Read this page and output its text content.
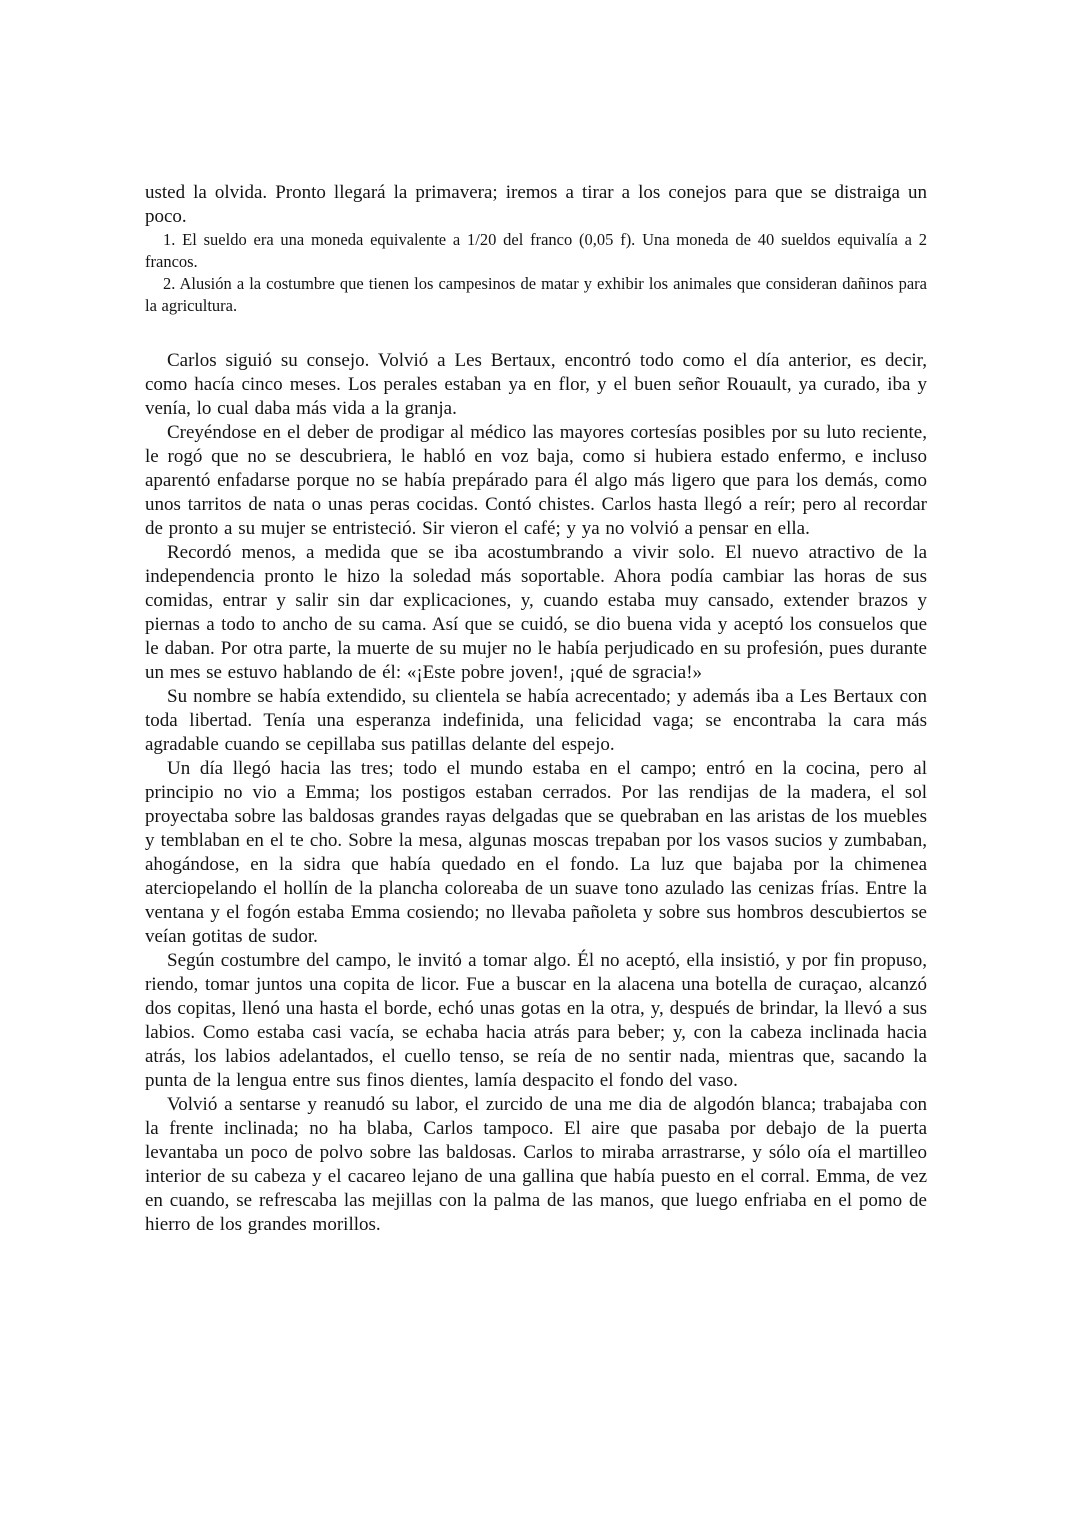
usted la olvida. Pronto llegará la primavera; iremos a tirar a los conejos para que se distraiga un poco.

1. El sueldo era una moneda equivalente a 1/20 del franco (0,05 f). Una moneda de 40 sueldos equivalía a 2 francos.

2. Alusión a la costumbre que tienen los campesinos de matar y exhibir los animales que consideran dañinos para la agricultura.

Carlos siguió su consejo. Volvió a Les Bertaux, encontró todo como el día anterior, es decir, como hacía cinco meses. Los perales estaban ya en flor, y el buen señor Rouault, ya curado, iba y venía, lo cual daba más vida a la granja.

Creyéndose en el deber de prodigar al médico las mayores cortesías posibles por su luto reciente, le rogó que no se descubriera, le habló en voz baja, como si hubiera estado enfermo, e incluso aparentó enfadarse porque no se había prepárado para él algo más ligero que para los demás, como unos tarritos de nata o unas peras cocidas. Contó chistes. Carlos hasta llegó a reír; pero al recordar de pronto a su mujer se entristeció. Sir vieron el café; y ya no volvió a pensar en ella.

Recordó menos, a medida que se iba acostumbrando a vivir solo. El nuevo atractivo de la independencia pronto le hizo la soledad más soportable. Ahora podía cambiar las horas de sus comidas, entrar y salir sin dar explicaciones, y, cuando estaba muy cansado, extender brazos y piernas a todo to ancho de su cama. Así que se cuidó, se dio buena vida y aceptó los consuelos que le daban. Por otra parte, la muerte de su mujer no le había perjudicado en su profesión, pues durante un mes se estuvo hablando de él: «¡Este pobre joven!, ¡qué de sgracia!»

Su nombre se había extendido, su clientela se había acrecentado; y además iba a Les Bertaux con toda libertad. Tenía una esperanza indefinida, una felicidad vaga; se encontraba la cara más agradable cuando se cepillaba sus patillas delante del espejo.

Un día llegó hacia las tres; todo el mundo estaba en el campo; entró en la cocina, pero al principio no vio a Emma; los postigos estaban cerrados. Por las rendijas de la madera, el sol proyectaba sobre las baldosas grandes rayas delgadas que se quebraban en las aristas de los muebles y temblaban en el te cho. Sobre la mesa, algunas moscas trepaban por los vasos sucios y zumbaban, ahogándose, en la sidra que había quedado en el fondo. La luz que bajaba por la chimenea aterciopelando el hollín de la plancha coloreaba de un suave tono azulado las cenizas frías. Entre la ventana y el fogón estaba Emma cosiendo; no llevaba pañoleta y sobre sus hombros descubiertos se veían gotitas de sudor.

Según costumbre del campo, le invitó a tomar algo. Él no aceptó, ella insistió, y por fin propuso, riendo, tomar juntos una copita de licor. Fue a buscar en la alacena una botella de curaçao, alcanzó dos copitas, llenó una hasta el borde, echó unas gotas en la otra, y, después de brindar, la llevó a sus labios. Como estaba casi vacía, se echaba hacia atrás para beber; y, con la cabeza inclinada hacia atrás, los labios adelantados, el cuello tenso, se reía de no sentir nada, mientras que, sacando la punta de la lengua entre sus finos dientes, lamía despacito el fondo del vaso.

Volvió a sentarse y reanudó su labor, el zurcido de una me dia de algodón blanca; trabajaba con la frente inclinada; no ha blaba, Carlos tampoco. El aire que pasaba por debajo de la puerta levantaba un poco de polvo sobre las baldosas. Carlos to miraba arrastrarse, y sólo oía el martilleo interior de su cabeza y el cacareo lejano de una gallina que había puesto en el corral. Emma, de vez en cuando, se refrescaba las mejillas con la palma de las manos, que luego enfriaba en el pomo de hierro de los grandes morillos.
